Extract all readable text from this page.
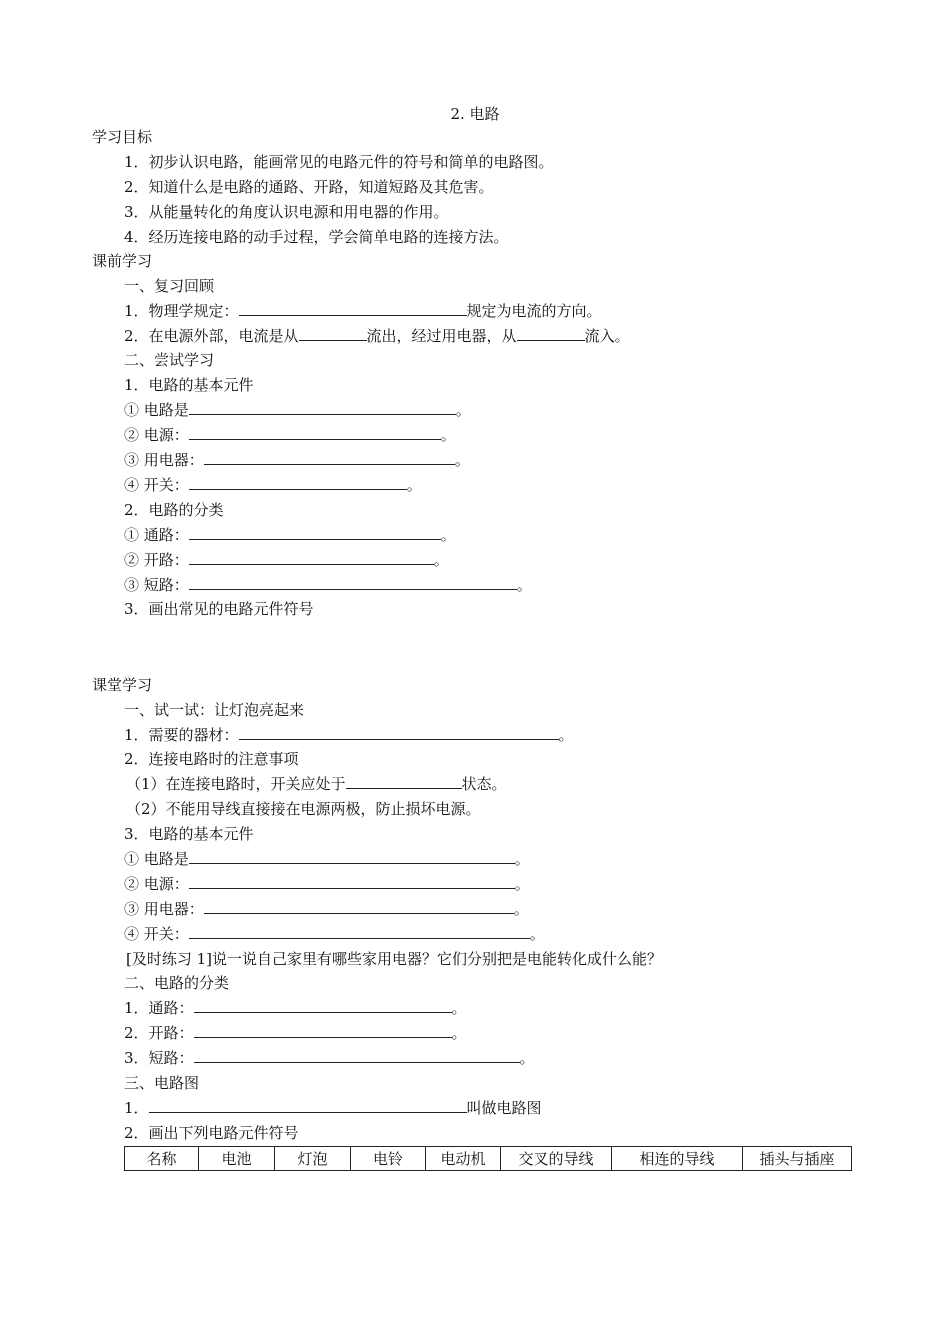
2. 电路
学习目标
1．初步认识电路，能画常见的电路元件的符号和简单的电路图。
2．知道什么是电路的通路、开路，知道短路及其危害。
3．从能量转化的角度认识电源和用电器的作用。
4．经历连接电路的动手过程，学会简单电路的连接方法。
课前学习
一、复习回顾
1．物理学规定：	规定为电流的方向。
2．在电源外部，电流是从	流出，经过用电器，从	流入。
二、尝试学习
1．电路的基本元件
① 电路是	。
② 电源：	。
③ 用电器：	。
④ 开关：	。
2．电路的分类
① 通路：	。
② 开路：	。
③ 短路：	。
3．画出常见的电路元件符号
课堂学习
一、试一试：让灯泡亮起来
1．需要的器材：	。
2．连接电路时的注意事项
（1）在连接电路时，开关应处于	状态。
（2）不能用导线直接接在电源两极，防止损坏电源。
3．电路的基本元件
① 电路是	。
② 电源：	。
③ 用电器：	。
④ 开关：	。
[及时练习 1]说一说自己家里有哪些家用电器？它们分别把是电能转化成什么能？
二、电路的分类
1．通路：	。
2．开路：	。
3．短路：	。
三、电路图
1．	叫做电路图
2．画出下列电路元件符号
名称	电池	灯泡	电铃	电动机	交叉的导线	相连的导线	插头与插座
